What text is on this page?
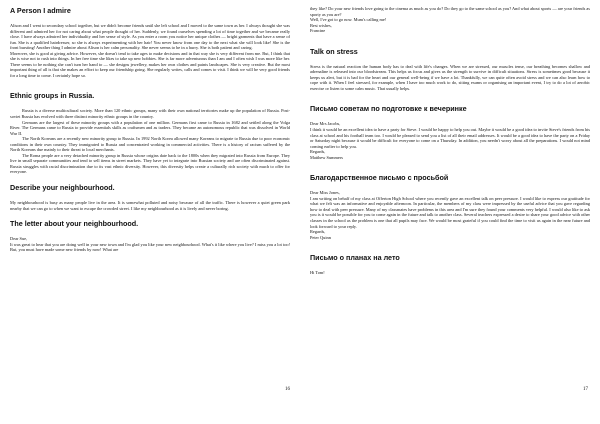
A Person I admire

Alison and I went to secondary school together, but we didn't become friends until she left school and I moved to the same town as her. I always thought she was different and admired her for not caring about what people thought of her. Suddenly, we found ourselves spending a lot of time together and we became really close. I have always admired her individuality and her sense of style. As you enter a room you notice her unique clothes — bright garments that have a sense of fun. She is a qualified hairdresser, so she is always experimenting with her hair! You never know from one day to the next what she will look like! She is the front bursting! Another thing I admire about Alison is her calm personality. She never seems to be in a hurry. She is both patient and caring.

Moreover, she is good at giving advice. However, she doesn't tend to take ages to make decisions and in that way she is very different from me. But, I think that she is wise not to rush into things. In her free time she likes to take up new hobbies. She is far more adventurous than I am and I often wish I was more like her. There seems to be nothing she can't turn her hand to — she designs jewellery, makes her own clothes and paints landscapes. She is very creative. But the most important thing of all is that she makes an effort to keep our friendship going. She regularly writes, calls and comes to visit. I think we will be very good friends for a long time to come. I certainly hope so.

Ethnic groups in Russia.

Russia is a diverse multicultural society. More than 120 ethnic groups, many with their own national territories make up the population of Russia. Post-soviet Russia has evolved with three distinct minority ethnic groups in the country.

Germans are the largest of these minority groups with a population of one million. Germans first came to Russia in 1682 and settled along the Volga River. The Germans came to Russia to provide essentials skills as craftsmen and as traders. They became an autonomous republic that was dissolved in World War II.

The North Koreans are a recently new minority group to Russia. In 1992 North Korea allowed many Koreans to migrate to Russia due to poor economic conditions in their own country. They immigrated to Russia and concentrated working in commercial activities. There is a history of racism suffered by the North Koreans due mainly to their threat to local merchants.

The Roma people are a very detached minority group in Russia whose origins date back to the 1800s when they migrated into Russia from Europe. They live in small separate communities and tend to sell items in street markets. They have yet to integrate into Russian society and are often discriminated against. Russia struggles with racial discrimination due to its vast ethnic diversity. However, this diversity helps create a culturally rich society with much to offer for everyone.

Describe your neighbourhood.

My neighbourhood is busy as many people live in the area. It is somewhat polluted and noisy because of all the traffic. There is however a quiet green park nearby that we can go to when we want to escape the crowded street. I like my neighbourhood as it is lively and never boring.

The letter about your neighbourhood.

Dear Sue,

It was great to hear that you are doing well in your new town and I'm glad you like your new neighbourhood. What's it like where you live? I miss you a lot too! But, you must have made some new friends by now! What are

16

they like? Do your new friends love going to the cinema as much as you do? Do they go to the same school as you? And what about sports — are your friends as sporty as you are?

Well, I've got to go now. Mum's calling me!

Best wishes,

Francine

Talk on stress

Stress is the natural reaction the human body has to deal with life's changes. When we are stressed, our muscles tense, our breathing becomes shallow and adrenaline is released into our bloodstream. This helps us focus and gives us the strength to survive in difficult situations. Stress is sometimes good because it keeps us alert, but it is bad for the heart and our general well-being if we have a lot. Thankfully, we can quite often avoid stress and we can also learn how to cope with it. When I feel stressed, for example, when I have too much work to do, sitting exams or organising an important event, I try to do a lot of aerobic exercise or listen to some calm music. That usually helps.

Письмо советам по подготовке к вечеринке

Dear Mrs Jacobs,

I think it would be an excellent idea to have a party for Steve. I would be happy to help you out. Maybe it would be a good idea to invite Steve's friends from his class at school and his football team too. I would be pleased to send you a list of all their email addresses. It would be a good idea to have the party on a Friday or Saturday night because it would be difficult for everyone to come on a Thursday. In addition, you needn't worry about all the preparations. I would not mind coming earlier to help you.

Regards,

Matthew Summers

Благодарственное письмо с просьбой

Dear Miss Jones,

I am writing on behalf of my class at Offerton High School where you recently gave an excellent talk on peer pressure. I would like to express our gratitude for what we felt was an informative and enjoyable afternoon. In particular, the members of my class were impressed by the useful advice that you gave regarding how to deal with peer pressure. Many of my classmates have problems in this area and I'm sure they found your comments very helpful. I would also like to ask you is it would be possible for you to come again in the future and talk to another class. Several teachers expressed a desire to share your good advice with other classes in the school as the problem is one that all pupils may face. We would be most grateful if you could find the time to visit us again in the near future and look forward to your reply.

Regards,

Peter Quinn

Письмо о планах на лето

Hi Tom!

17
